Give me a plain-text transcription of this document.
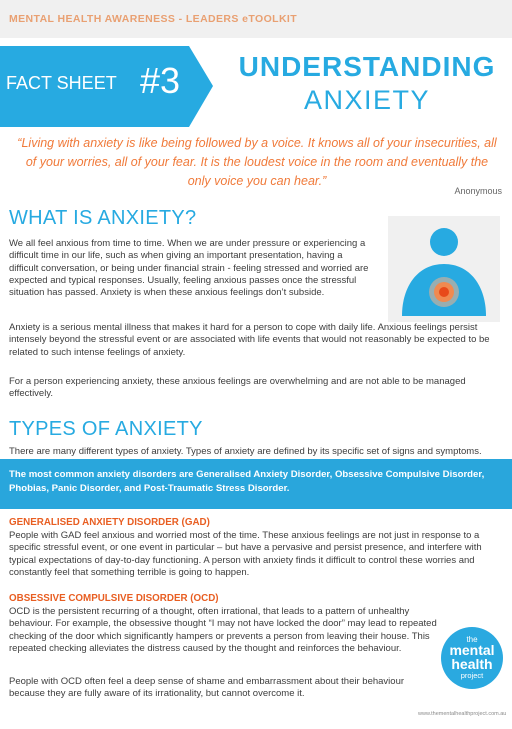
MENTAL HEALTH AWARENESS - LEADERS eTOOLKIT
FACT SHEET #3	UNDERSTANDING
ANXIETY
“Living with anxiety is like being followed by a voice. It knows all of your insecurities, all of your worries, all of your fear. It is the loudest voice in the room and eventually the only voice you can hear.”
Anonymous
WHAT IS ANXIETY?

We all feel anxious from time to time. When we are under pressure or experiencing a difficult time in our life, such as when giving an important presentation, having a difficult conversation, or being under financial strain - feeling stressed and worried are expected and typical responses. Usually, feeling anxious passes once the stressful situation has passed. Anxiety is when these anxious feelings don’t subside.

Anxiety is a serious mental illness that makes it hard for a person to cope with daily life. Anxious feelings persist intensely beyond the stressful event or are associated with life events that would not reasonably be expected to be related to such intense feelings of anxiety.

For a person experiencing anxiety, these anxious feelings are overwhelming and are not able to be managed effectively.

TYPES OF ANXIETY

There are many different types of anxiety. Types of anxiety are defined by its specific set of signs and symptoms.

The most common anxiety disorders are Generalised Anxiety Disorder, Obsessive Compulsive Disorder, Phobias, Panic Disorder, and Post-Traumatic Stress Disorder.

GENERALISED ANXIETY DISORDER (GAD)

People with GAD feel anxious and worried most of the time. These anxious feelings are not just in response to a specific stressful event, or one event in particular – but have a pervasive and persist presence, and interfere with typical expectations of day-to-day functioning. A person with anxiety finds it difficult to control these worries and constantly feel that something terrible is going to happen.

OBSESSIVE COMPULSIVE DISORDER (OCD)

OCD is the persistent recurring of a thought, often irrational, that leads to a pattern of unhealthy behaviour. For example, the obsessive thought “I may not have locked the door” may lead to repeated checking of the door which significantly hampers or prevents a person from leaving their house. This repeated checking alleviates the distress caused by the thought and reinforces the behaviour.

People with OCD often feel a deep sense of shame and embarrassment about their behaviour because they are fully aware of its irrationality, but cannot overcome it.

the
mental
health
project
www.thementalhealthproject.com.au
